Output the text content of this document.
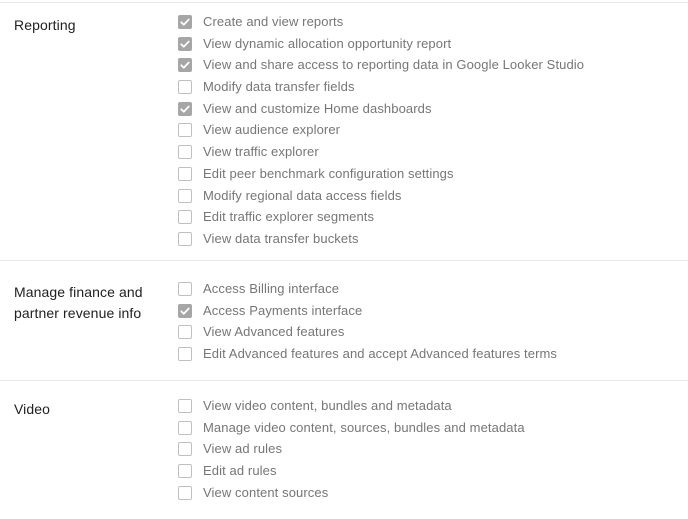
Reporting	Create and view reports
View dynamic allocation opportunity report
View and share access to reporting data in Google Looker Studio
Modify data transfer fields
View and customize Home dashboards
View audience explorer
View traffic explorer
Edit peer benchmark configuration settings
Modify regional data access fields
Edit traffic explorer segments
View data transfer buckets
Manage finance and partner revenue info
Access Billing interface
Access Payments interface
View Advanced features
Edit Advanced features and accept Advanced features terms
Video	View video content, bundles and metadata
Manage video content, sources, bundles and metadata
View ad rules
Edit ad rules
View content sources
